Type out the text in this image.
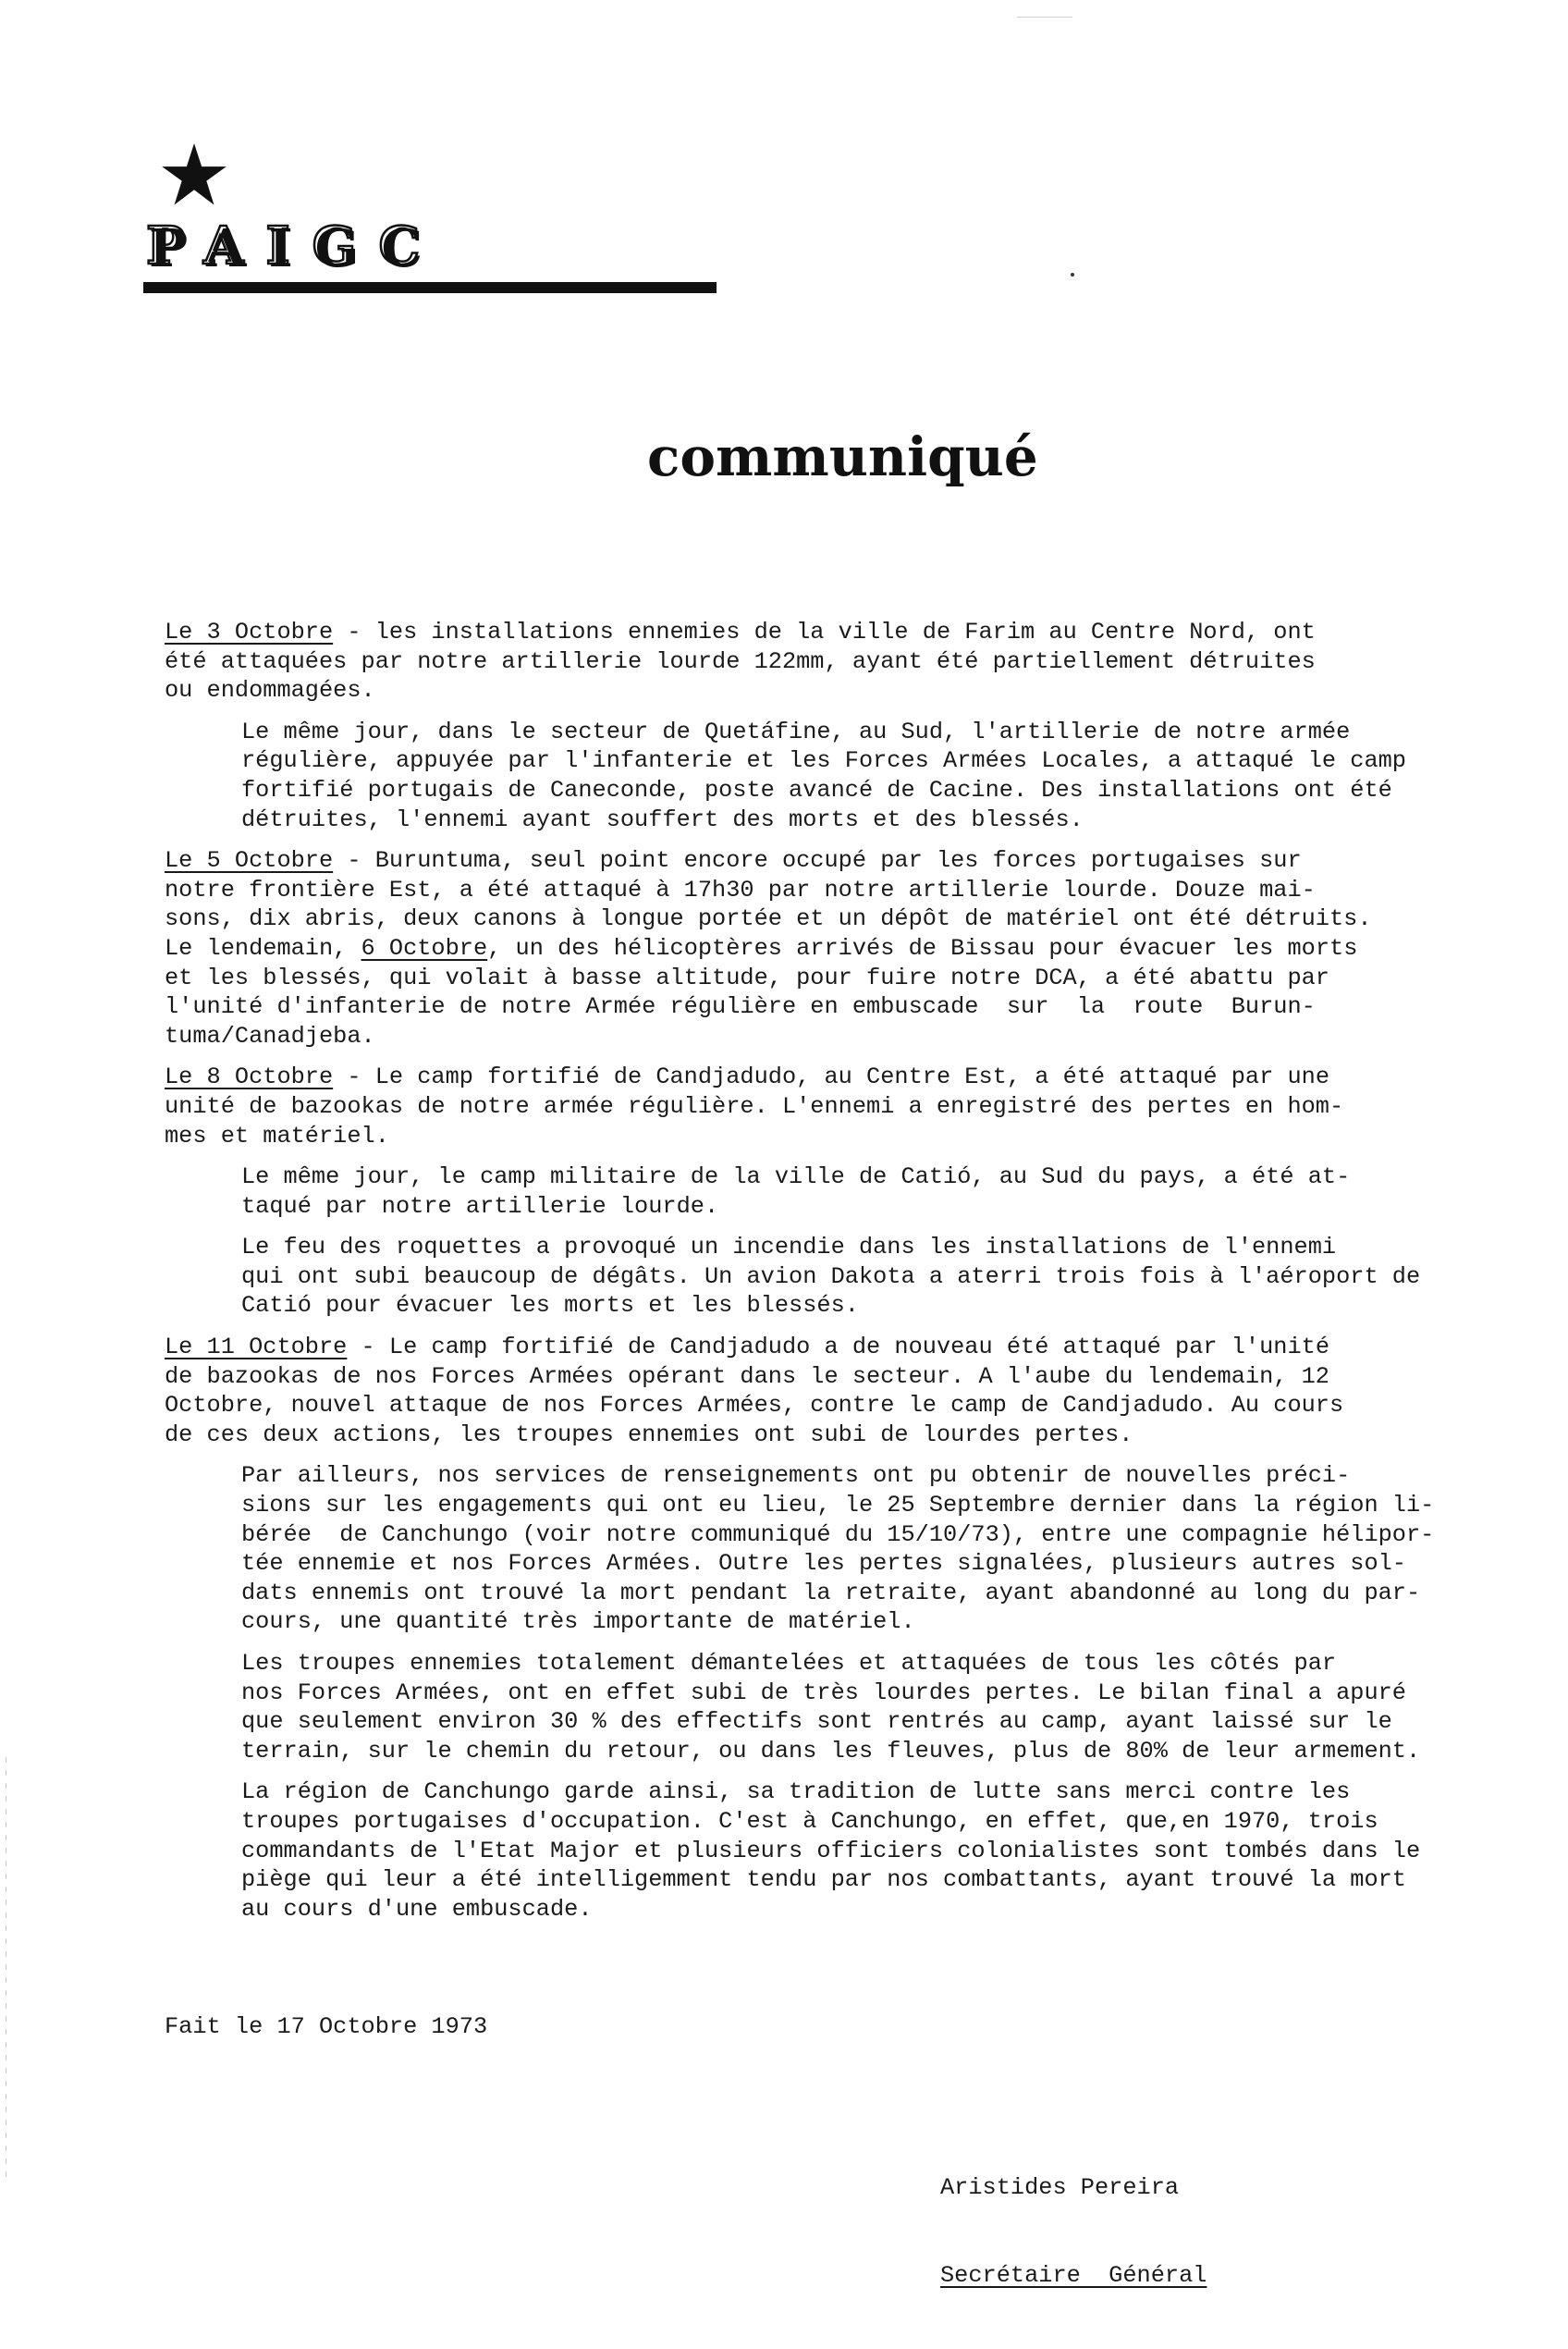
PAIGC
communiqué

Le 3 Octobre - les installations ennemies de la ville de Farim au Centre Nord, ont
été attaquées par notre artillerie lourde 122mm, ayant été partiellement détruites
ou endommagées.

Le même jour, dans le secteur de Quetáfine, au Sud, l'artillerie de notre armée
régulière, appuyée par l'infanterie et les Forces Armées Locales, a attaqué le camp
fortifié portugais de Caneconde, poste avancé de Cacine. Des installations ont été
détruites, l'ennemi ayant souffert des morts et des blessés.

Le 5 Octobre - Buruntuma, seul point encore occupé par les forces portugaises sur
notre frontière Est, a été attaqué à 17h30 par notre artillerie lourde. Douze mai-
sons, dix abris, deux canons à longue portée et un dépôt de matériel ont été détruits.
Le lendemain, 6 Octobre, un des hélicoptères arrivés de Bissau pour évacuer les morts
et les blessés, qui volait à basse altitude, pour fuire notre DCA, a été abattu par
l'unité d'infanterie de notre Armée régulière en embuscade  sur  la  route  Burun-
tuma/Canadjeba.

Le 8 Octobre - Le camp fortifié de Candjadudo, au Centre Est, a été attaqué par une
unité de bazookas de notre armée régulière. L'ennemi a enregistré des pertes en hom-
mes et matériel.

Le même jour, le camp militaire de la ville de Catió, au Sud du pays, a été at-
taqué par notre artillerie lourde.

Le feu des roquettes a provoqué un incendie dans les installations de l'ennemi
qui ont subi beaucoup de dégâts. Un avion Dakota a aterri trois fois à l'aéroport de
Catió pour évacuer les morts et les blessés.

Le 11 Octobre - Le camp fortifié de Candjadudo a de nouveau été attaqué par l'unité
de bazookas de nos Forces Armées opérant dans le secteur. A l'aube du lendemain, 12
Octobre, nouvel attaque de nos Forces Armées, contre le camp de Candjadudo. Au cours
de ces deux actions, les troupes ennemies ont subi de lourdes pertes.

Par ailleurs, nos services de renseignements ont pu obtenir de nouvelles préci-
sions sur les engagements qui ont eu lieu, le 25 Septembre dernier dans la région li-
bérée  de Canchungo (voir notre communiqué du 15/10/73), entre une compagnie hélipor-
tée ennemie et nos Forces Armées. Outre les pertes signalées, plusieurs autres sol-
dats ennemis ont trouvé la mort pendant la retraite, ayant abandonné au long du par-
cours, une quantité très importante de matériel.

Les troupes ennemies totalement démantelées et attaquées de tous les côtés par
nos Forces Armées, ont en effet subi de très lourdes pertes. Le bilan final a apuré
que seulement environ 30 % des effectifs sont rentrés au camp, ayant laissé sur le
terrain, sur le chemin du retour, ou dans les fleuves, plus de 80% de leur armement.

La région de Canchungo garde ainsi, sa tradition de lutte sans merci contre les
troupes portugaises d'occupation. C'est à Canchungo, en effet, que,en 1970, trois
commandants de l'Etat Major et plusieurs officiers colonialistes sont tombés dans le
piège qui leur a été intelligemment tendu par nos combattants, ayant trouvé la mort
au cours d'une embuscade.

Fait le 17 Octobre 1973

Aristides Pereira

Secrétaire  Général
